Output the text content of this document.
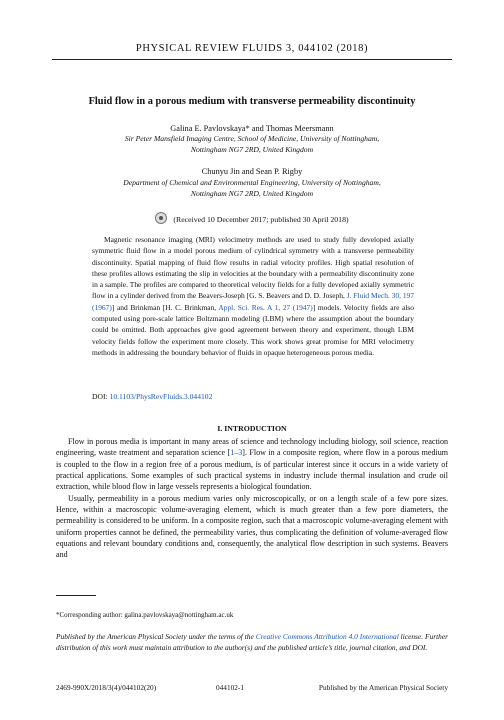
PHYSICAL REVIEW FLUIDS 3, 044102 (2018)
Fluid flow in a porous medium with transverse permeability discontinuity
Galina E. Pavlovskaya* and Thomas Meersmann
Sir Peter Mansfield Imaging Centre, School of Medicine, University of Nottingham,
Nottingham NG7 2RD, United Kingdom
Chunyu Jin and Sean P. Rigby
Department of Chemical and Environmental Engineering, University of Nottingham,
Nottingham NG7 2RD, United Kingdom
(Received 10 December 2017; published 30 April 2018)
Magnetic resonance imaging (MRI) velocimetry methods are used to study fully developed axially symmetric fluid flow in a model porous medium of cylindrical symmetry with a transverse permeability discontinuity. Spatial mapping of fluid flow results in radial velocity profiles. High spatial resolution of these profiles allows estimating the slip in velocities at the boundary with a permeability discontinuity zone in a sample. The profiles are compared to theoretical velocity fields for a fully developed axially symmetric flow in a cylinder derived from the Beavers-Joseph [G. S. Beavers and D. D. Joseph, J. Fluid Mech. 30, 197 (1967)] and Brinkman [H. C. Brinkman, Appl. Sci. Res. A 1, 27 (1947)] models. Velocity fields are also computed using pore-scale lattice Boltzmann modeling (LBM) where the assumption about the boundary could be omitted. Both approaches give good agreement between theory and experiment, though LBM velocity fields follow the experiment more closely. This work shows great promise for MRI velocimetry methods in addressing the boundary behavior of fluids in opaque heterogeneous porous media.
DOI: 10.1103/PhysRevFluids.3.044102
I. INTRODUCTION

Flow in porous media is important in many areas of science and technology including biology, soil science, reaction engineering, waste treatment and separation science [1–3]. Flow in a composite region, where flow in a porous medium is coupled to the flow in a region free of a porous medium, is of particular interest since it occurs in a wide variety of practical applications. Some examples of such practical systems in industry include thermal insulation and crude oil extraction, while blood flow in large vessels represents a biological foundation.

Usually, permeability in a porous medium varies only microscopically, or on a length scale of a few pore sizes. Hence, within a macroscopic volume-averaging element, which is much greater than a few pore diameters, the permeability is considered to be uniform. In a composite region, such that a macroscopic volume-averaging element with uniform properties cannot be defined, the permeability varies, thus complicating the definition of volume-averaged flow equations and relevant boundary conditions and, consequently, the analytical flow description in such systems. Beavers and

*Corresponding author: galina.pavlovskaya@nottingham.ac.uk
Published by the American Physical Society under the terms of the Creative Commons Attribution 4.0 International license. Further distribution of this work must maintain attribution to the author(s) and the published article’s title, journal citation, and DOI.
2469-990X/2018/3(4)/044102(20)	044102-1	Published by the American Physical Society
